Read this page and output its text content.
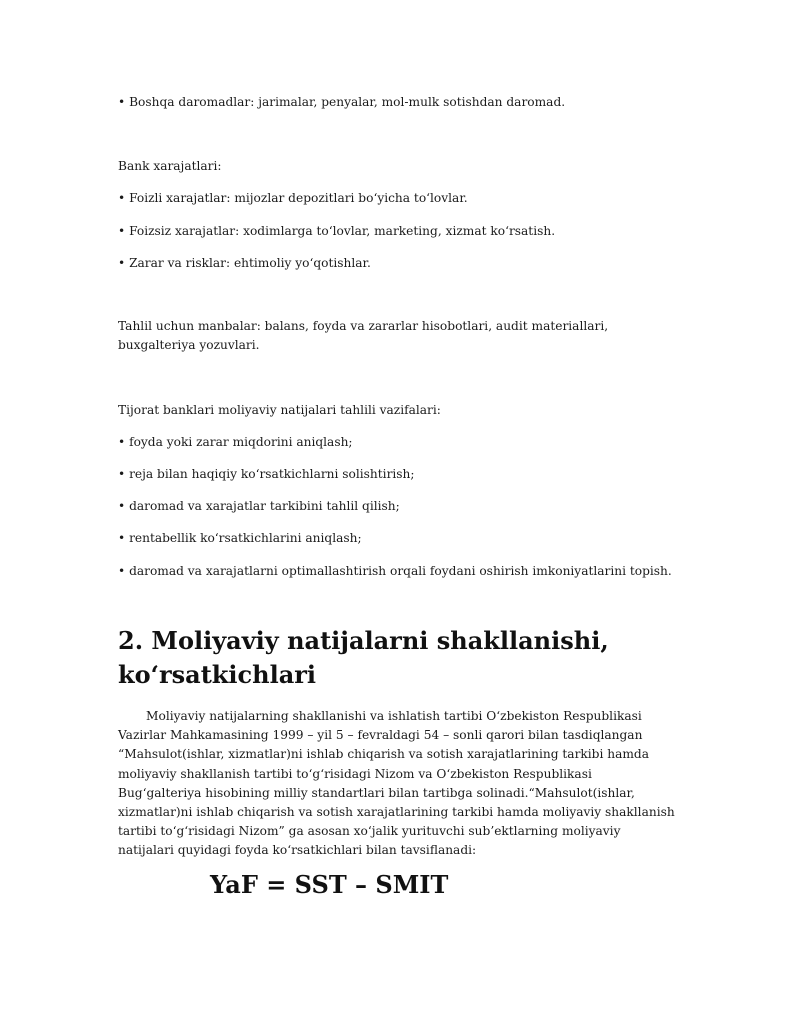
• Boshqa daromadlar: jarimalar, penyalar, mol-mulk sotishdan daromad.
Bank xarajatlari:
• Foizli xarajatlar: mijozlar depozitlari bo‘yicha to‘lovlar.
• Foizsiz xarajatlar: xodimlarga to‘lovlar, marketing, xizmat ko‘rsatish.
• Zarar va risklar: ehtimoliy yo‘qotishlar.
Tahlil uchun manbalar: balans, foyda va zararlar hisobotlari, audit materiallari, buxgalteriya yozuvlari.
Tijorat banklari moliyaviy natijalari tahlili vazifalari:
• foyda yoki zarar miqdorini aniqlash;
• reja bilan haqiqiy ko‘rsatkichlarni solishtirish;
• daromad va xarajatlar tarkibini tahlil qilish;
• rentabellik ko‘rsatkichlarini aniqlash;
• daromad va xarajatlarni optimallashtirish orqali foydani oshirish imkoniyatlarini topish.
2. Moliyaviy natijalarni shakllanishi, ko‘rsatkichlari
Moliyaviy natijalarning shakllanishi va ishlatish tartibi O‘zbekiston Respublikasi Vazirlar Mahkamasining 1999 – yil 5 – fevraldagi 54 – sonli qarori bilan tasdiqlangan “Mahsulot(ishlar, xizmatlar)ni ishlab chiqarish va sotish xarajatlarining tarkibi hamda moliyaviy shakllanish tartibi to‘g‘risidagi Nizom va O‘zbekiston Respublikasi Bug‘galteriya hisobining milliy standartlari bilan tartibga solinadi.“Mahsulot(ishlar, xizmatlar)ni ishlab chiqarish va sotish xarajatlarining tarkibi hamda moliyaviy shakllanish tartibi to‘g‘risidagi Nizom” ga asosan xo‘jalik yurituvchi sub’ektlarning moliyaviy natijalari quyidagi foyda ko‘rsatkichlari bilan tavsiflanadi:
YaF = SST – SMIT
